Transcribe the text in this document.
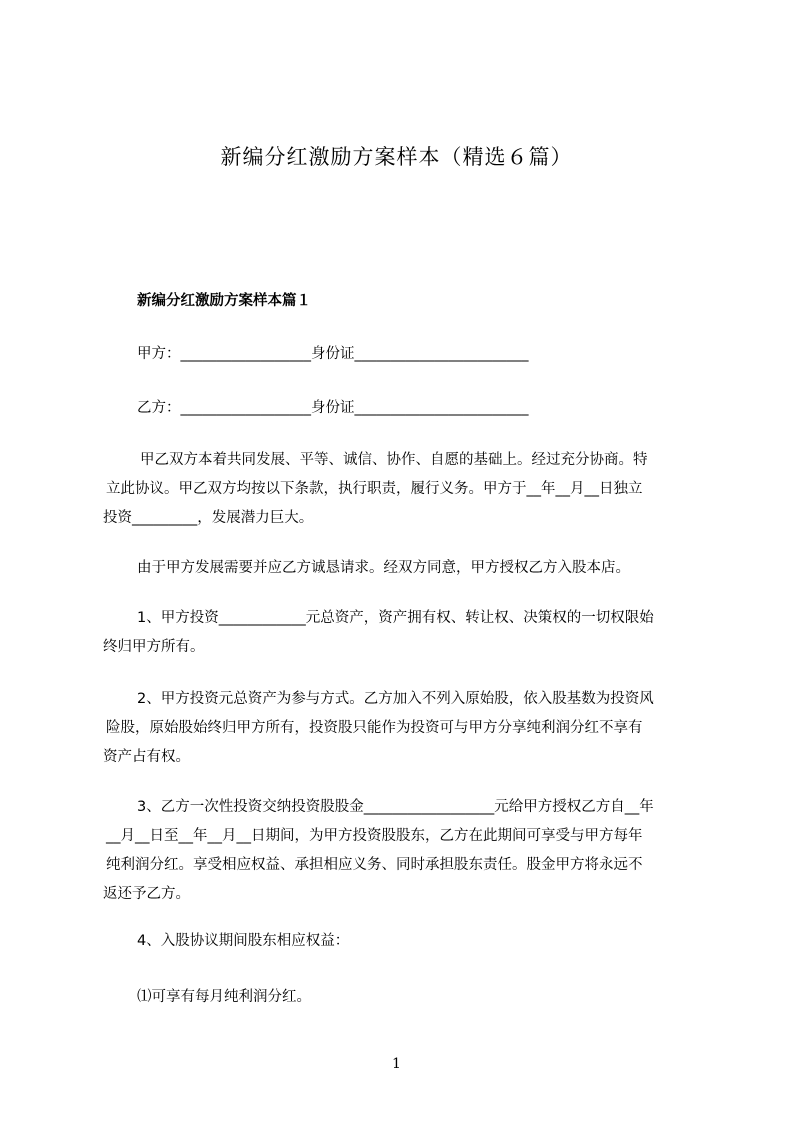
新编分红激励方案样本（精选６篇）
新编分红激励方案样本篇１
甲方：__________________身份证________________________
乙方：__________________身份证________________________
甲乙双方本着共同发展、平等、诚信、协作、自愿的基础上。经过充分协商。特
立此协议。甲乙双方均按以下条款，执行职责，履行义务。甲方于__年__月__日独立
投资_________，发展潜力巨大。
由于甲方发展需要并应乙方诚恳请求。经双方同意，甲方授权乙方入股本店。
1、甲方投资____________元总资产，资产拥有权、转让权、决策权的一切权限始
终归甲方所有。
2、甲方投资元总资产为参与方式。乙方加入不列入原始股，依入股基数为投资风
险股，原始股始终归甲方所有，投资股只能作为投资可与甲方分享纯利润分红不享有
资产占有权。
3、乙方一次性投资交纳投资股股金__________________元给甲方授权乙方自__年
__月__日至__年__月__日期间，为甲方投资股股东，乙方在此期间可享受与甲方每年
纯利润分红。享受相应权益、承担相应义务、同时承担股东责任。股金甲方将永远不
返还予乙方。
4、入股协议期间股东相应权益：
⑴可享有每月纯利润分红。
1
